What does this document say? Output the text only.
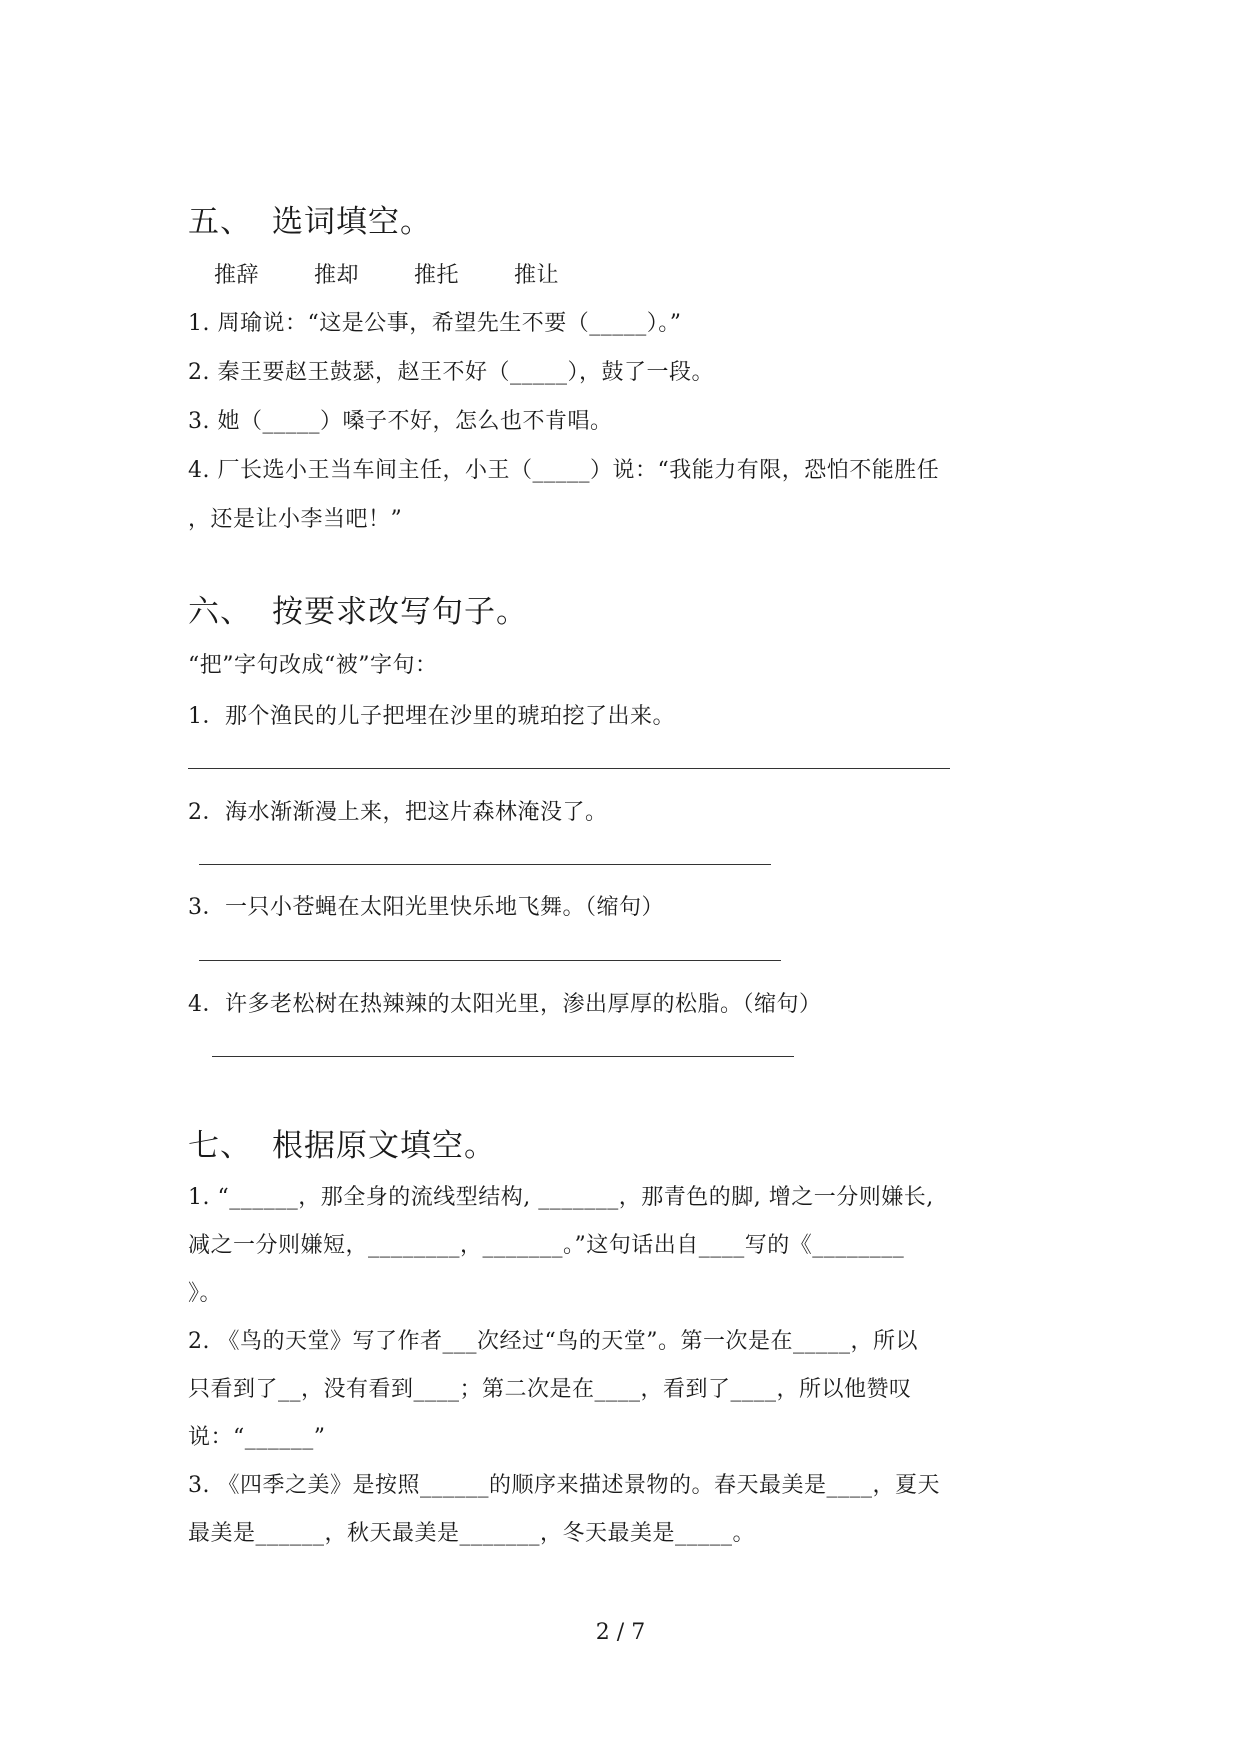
五、 选词填空。
推辞 推却 推托 推让
1. 周瑜说：“这是公事，希望先生不要（_____）。”
2. 秦王要赵王鼓瑟，赵王不好（_____），鼓了一段。
3. 她（_____）嗓子不好，怎么也不肯唱。
4. 厂长选小王当车间主任，小王（_____）说：“我能力有限，恐怕不能胜任
，还是让小李当吧！”
六、 按要求改写句子。
“把”字句改成“被”字句：
1．那个渔民的儿子把埋在沙里的琥珀挖了出来。
2．海水渐渐漫上来，把这片森林淹没了。
3．一只小苍蝇在太阳光里快乐地飞舞。（缩句）
4．许多老松树在热辣辣的太阳光里，渗出厚厚的松脂。（缩句）
七、 根据原文填空。
1. “______，那全身的流线型结构, _______，那青色的脚, 增之一分则嫌长,
减之一分则嫌短，________，_______。”这句话出自____写的《________
》。
2. 《鸟的天堂》写了作者___次经过“鸟的天堂”。第一次是在_____，所以
只看到了__，没有看到____；第二次是在____，看到了____，所以他赞叹
说：“______”
3. 《四季之美》是按照______的顺序来描述景物的。春天最美是____，夏天
最美是______，秋天最美是_______，冬天最美是_____。
2 / 7
